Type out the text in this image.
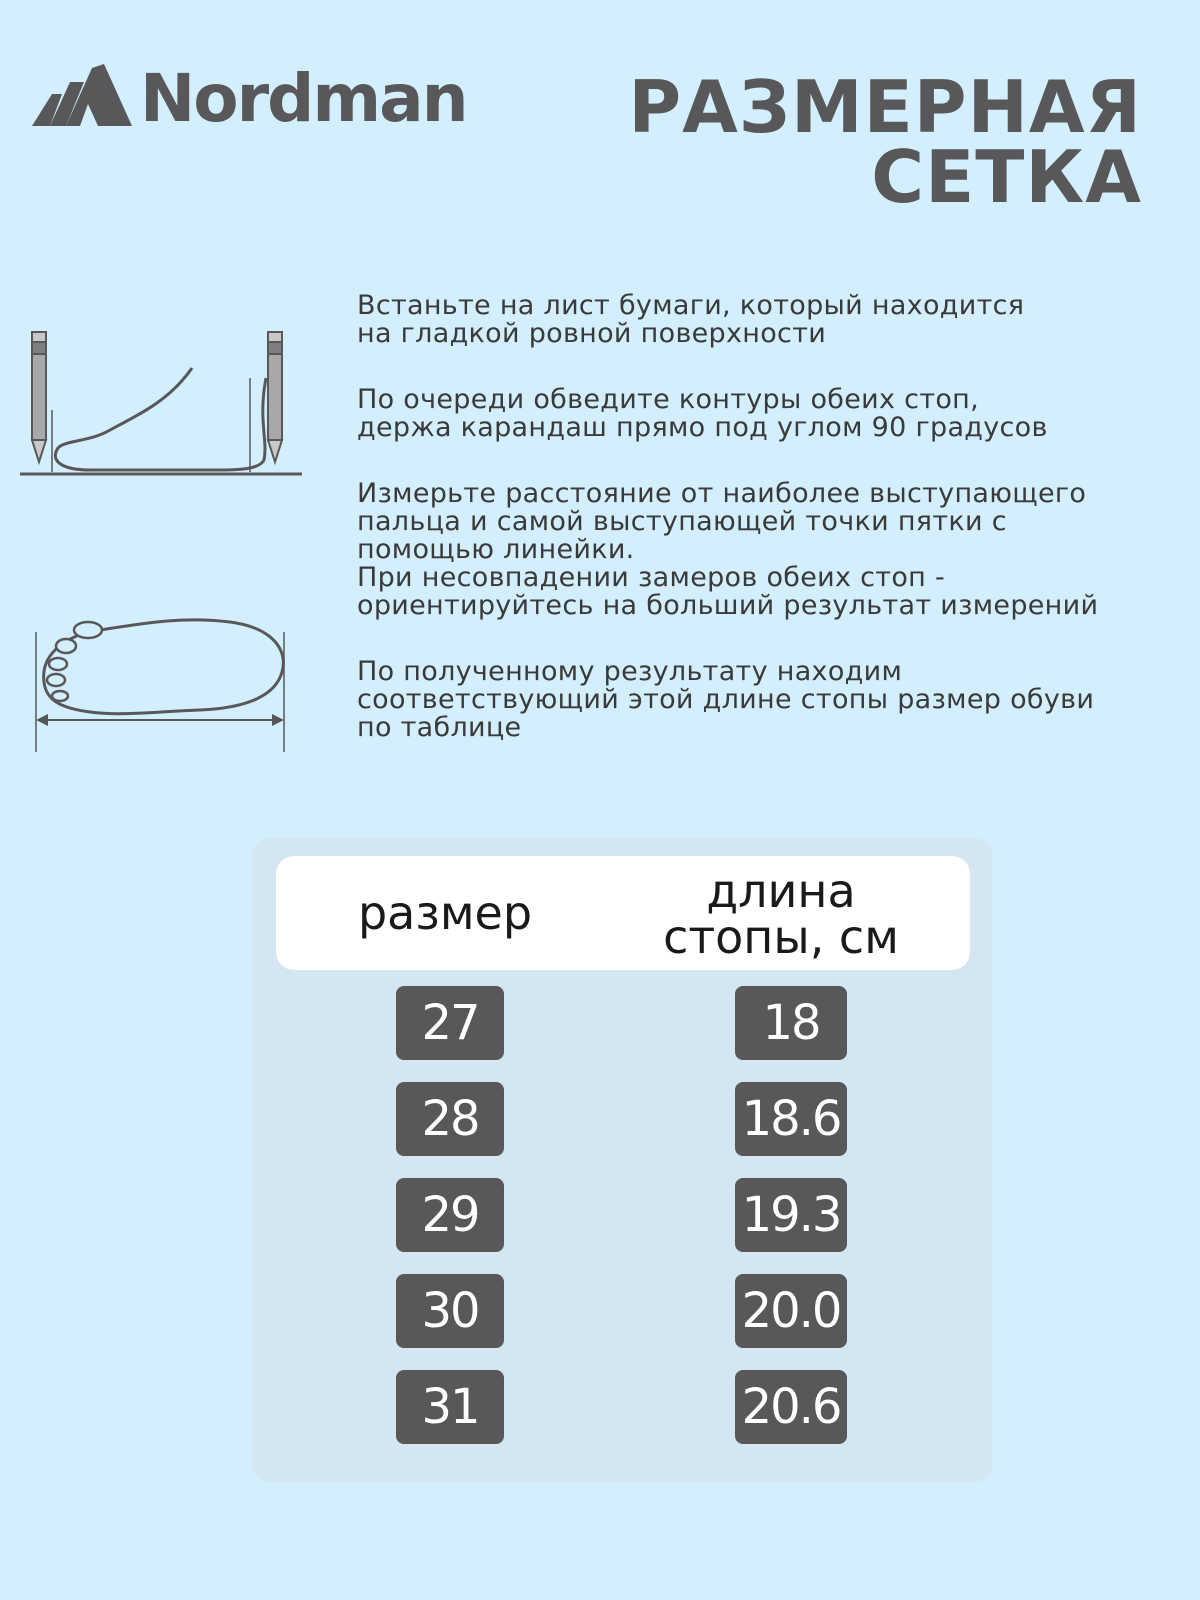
Nordman РАЗМЕРНАЯ
СЕТКА
Встаньте на лист бумаги, который находится
на гладкой ровной поверхности
По очереди обведите контуры обеих стоп,
держа карандаш прямо под углом 90 градусов
Измерьте расстояние от наиболее выступающего
пальца и самой выступающей точки пятки с
помощью линейки.
При несовпадении замеров обеих стоп -
ориентируйтесь на больший результат измерений
По полученному результату находим
соответствующий этой длине стопы размер обуви
по таблице
размер	длина
стопы, см
27	18
28	18.6
29	19.3
30	20.0
31	20.6
